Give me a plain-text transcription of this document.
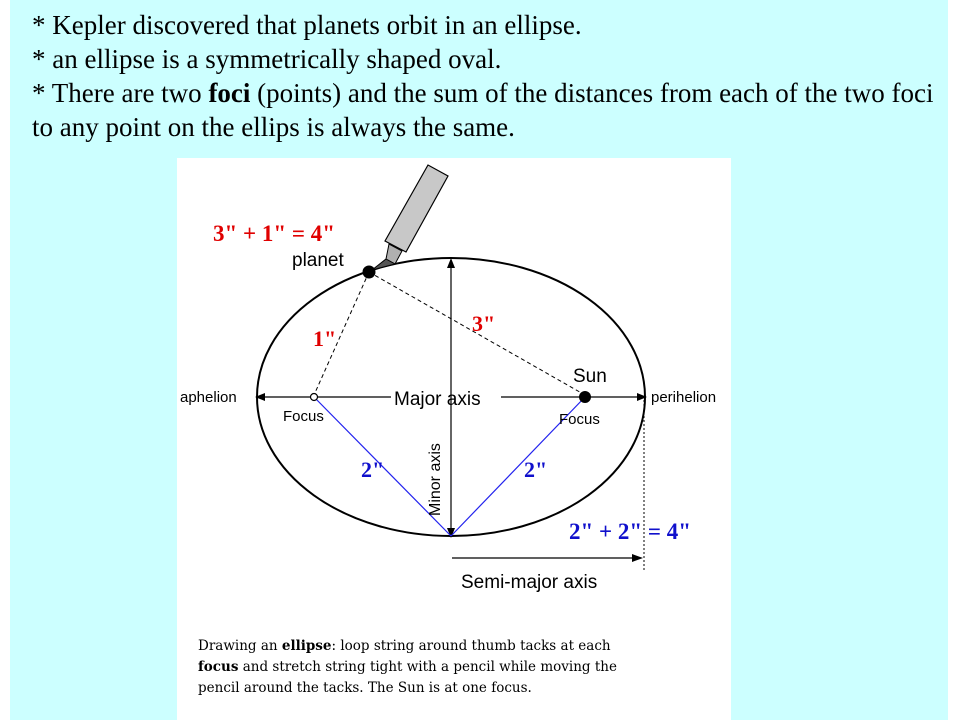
* Kepler discovered that planets orbit in an ellipse.

* an ellipse is a symmetrically shaped oval.

* There are two foci (points) and the sum of the distances from each of the two foci to any point on the ellips is always the same.

3" + 1" = 4"
planet
1"
3"
Sun
aphelion	perihelion
Major axis
Focus	Focus
Minor axis
2"	2"
2" + 2" = 4"
Semi-major axis

Drawing an ellipse: loop string around thumb tacks at each

focus and stretch string tight with a pencil while moving the

pencil around the tacks. The Sun is at one focus.
